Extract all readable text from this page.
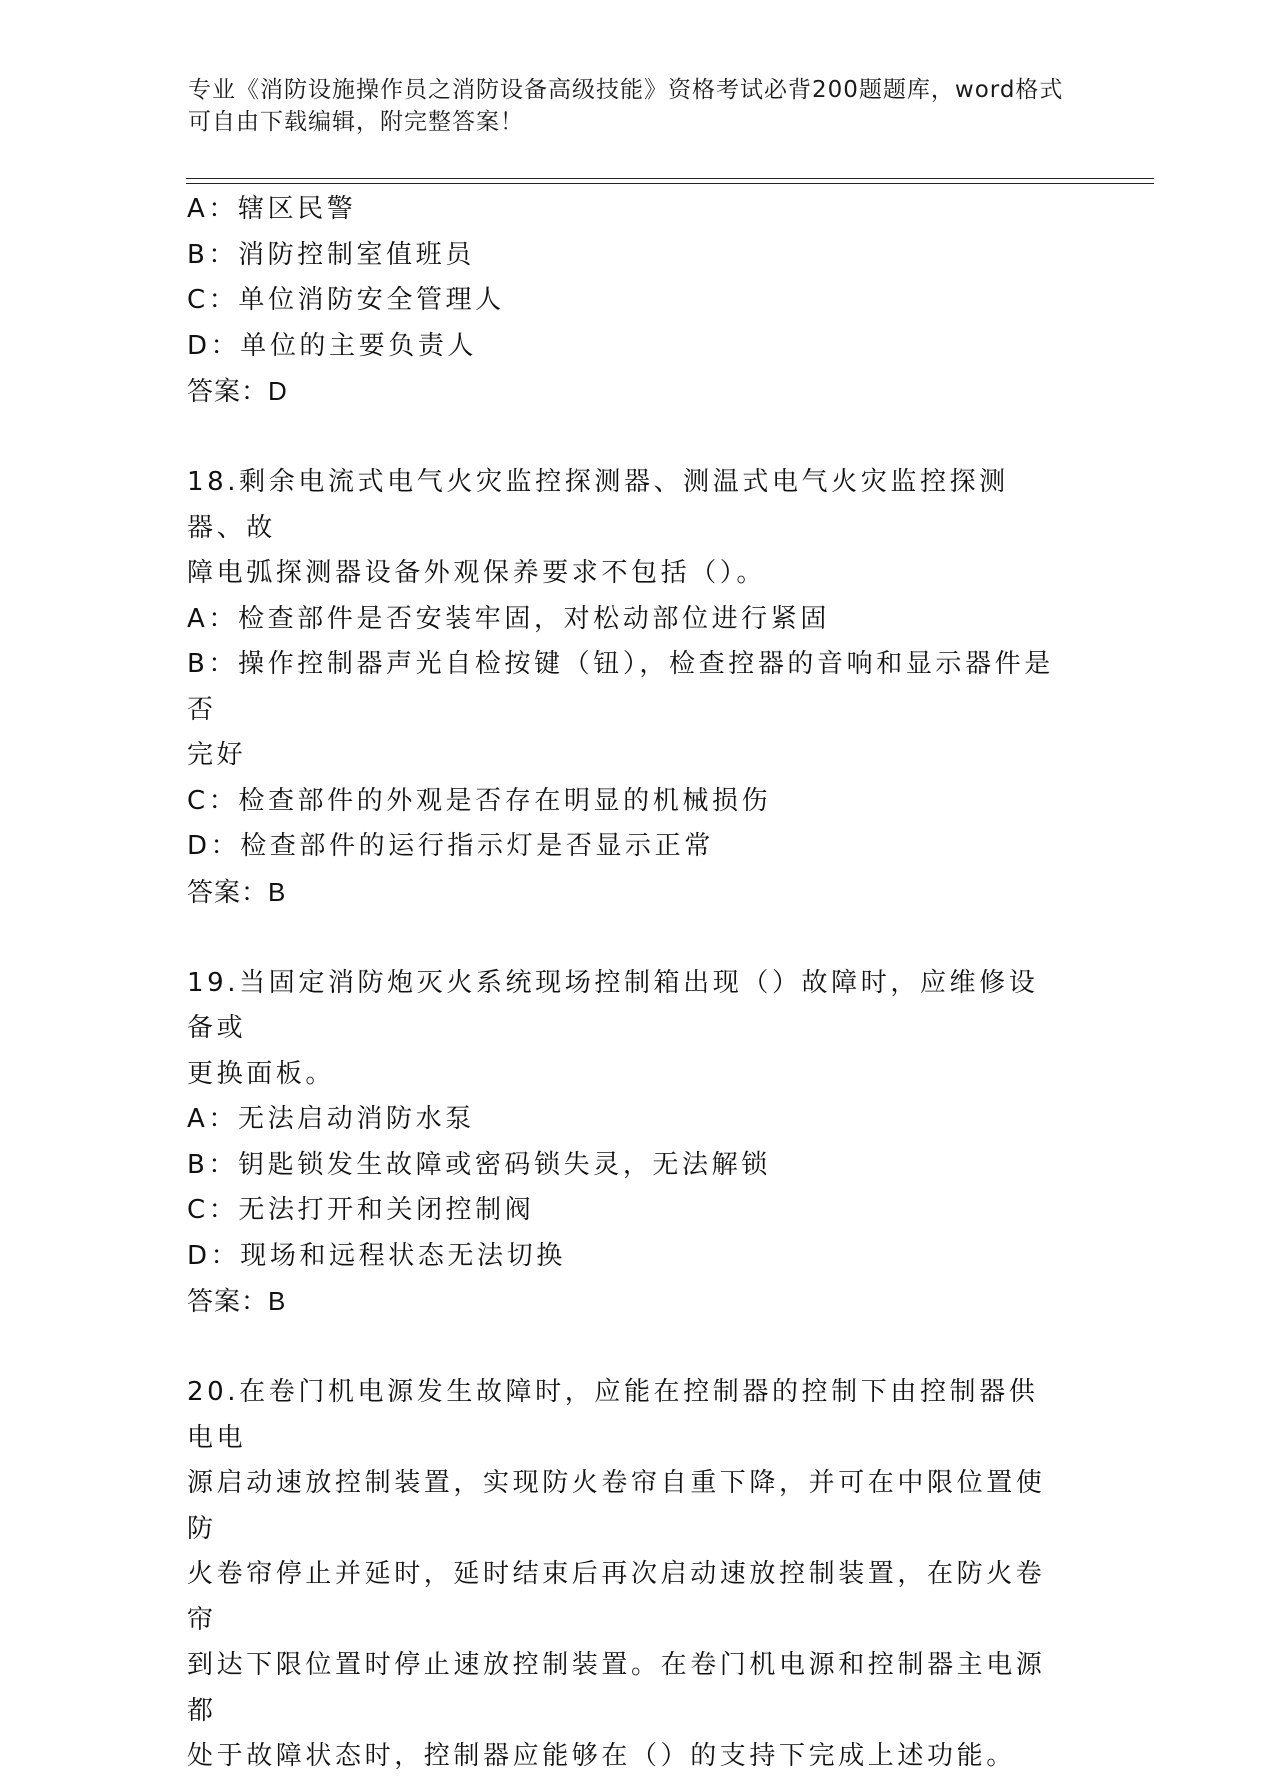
专业《消防设施操作员之消防设备高级技能》资格考试必背200题题库，word格式可自由下载编辑，附完整答案！
A：辖区民警
B：消防控制室值班员
C：单位消防安全管理人
D：单位的主要负责人
答案：D
18.剩余电流式电气火灾监控探测器、测温式电气火灾监控探测器、故
障电弧探测器设备外观保养要求不包括（）。
A：检查部件是否安装牢固，对松动部位进行紧固
B：操作控制器声光自检按键（钮），检查控器的音响和显示器件是否
完好
C：检查部件的外观是否存在明显的机械损伤
D：检查部件的运行指示灯是否显示正常
答案：B
19.当固定消防炮灭火系统现场控制箱出现（）故障时，应维修设备或
更换面板。
A：无法启动消防水泵
B：钥匙锁发生故障或密码锁失灵，无法解锁
C：无法打开和关闭控制阀
D：现场和远程状态无法切换
答案：B
20.在卷门机电源发生故障时，应能在控制器的控制下由控制器供电电
源启动速放控制装置，实现防火卷帘自重下降，并可在中限位置使防
火卷帘停止并延时，延时结束后再次启动速放控制装置，在防火卷帘
到达下限位置时停止速放控制装置。在卷门机电源和控制器主电源都
处于故障状态时，控制器应能够在（）的支持下完成上述功能。
